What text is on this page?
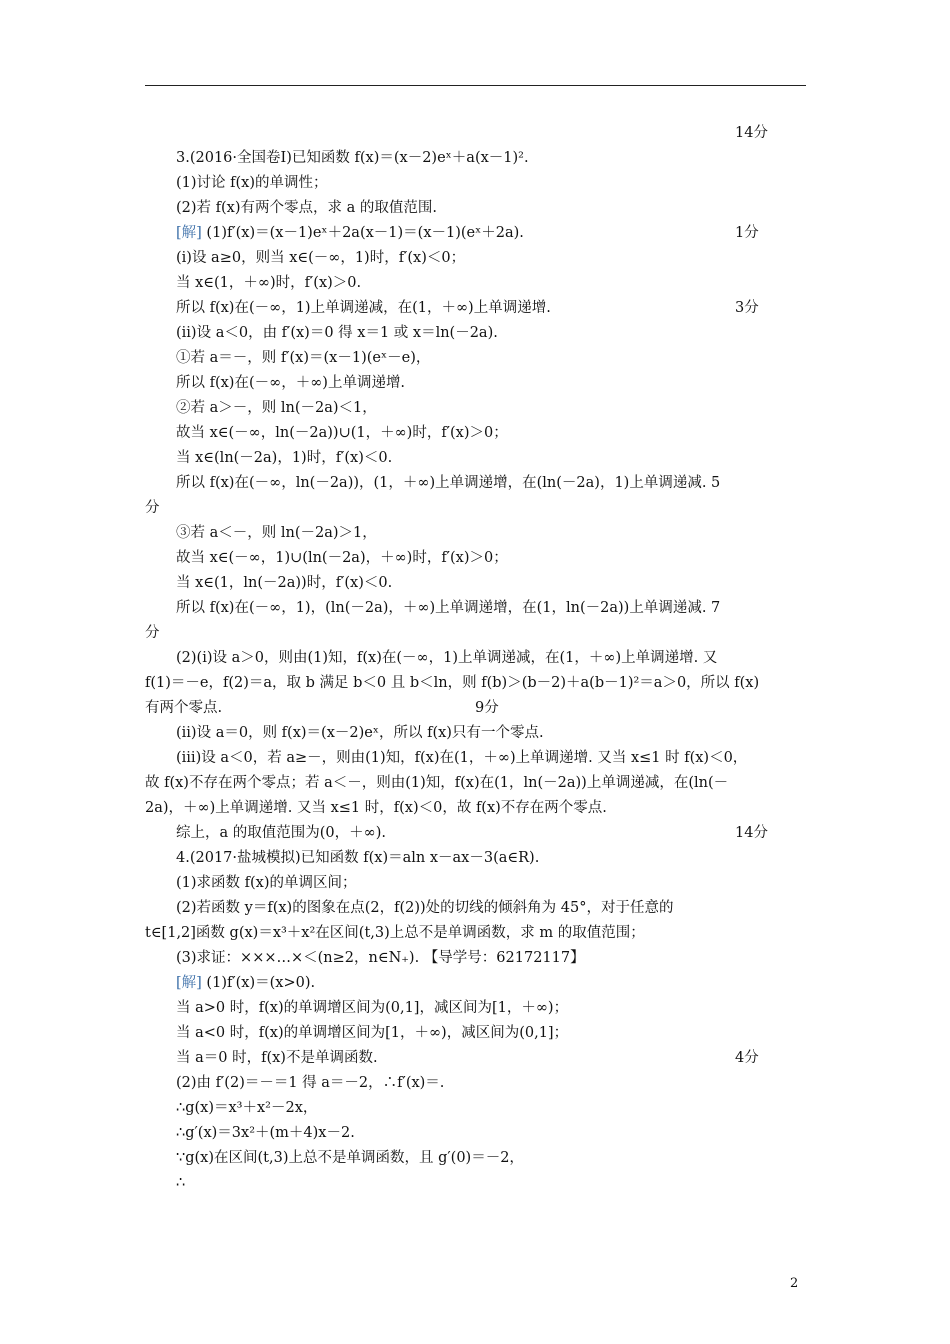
14分
3.(2016·全国卷Ⅰ)已知函数 f(x)＝(x－2)eˣ＋a(x－1)².
(1)讨论 f(x)的单调性；
(2)若 f(x)有两个零点，求 a 的取值范围.
[解] (1)f′(x)＝(x－1)eˣ＋2a(x－1)＝(x－1)(eˣ＋2a).	1分
(ⅰ)设 a≥0，则当 x∈(－∞，1)时，f′(x)＜0；
当 x∈(1，＋∞)时，f′(x)＞0.
所以 f(x)在(－∞，1)上单调递减，在(1，＋∞)上单调递增.	3分
(ⅱ)设 a＜0，由 f′(x)＝0 得 x＝1 或 x＝ln(－2a).
①若 a＝－，则 f′(x)＝(x－1)(eˣ－e)，
所以 f(x)在(－∞，＋∞)上单调递增.
②若 a＞－，则 ln(－2a)＜1，
故当 x∈(－∞，ln(－2a))∪(1，＋∞)时，f′(x)＞0；
当 x∈(ln(－2a)，1)时，f′(x)＜0.
所以 f(x)在(－∞，ln(－2a))，(1，＋∞)上单调递增，在(ln(－2a)，1)上单调递减. 5
分
③若 a＜－，则 ln(－2a)＞1，
故当 x∈(－∞，1)∪(ln(－2a)，＋∞)时，f′(x)＞0；
当 x∈(1，ln(－2a))时，f′(x)＜0.
所以 f(x)在(－∞，1)，(ln(－2a)，＋∞)上单调递增，在(1，ln(－2a))上单调递减. 7
分
(2)(ⅰ)设 a＞0，则由(1)知，f(x)在(－∞，1)上单调递减，在(1，＋∞)上单调递增. 又
f(1)＝－e，f(2)＝a，取 b 满足 b＜0 且 b＜ln，则 f(b)＞(b－2)＋a(b－1)²＝a＞0，所以 f(x)
有两个零点.	9分
(ⅱ)设 a＝0，则 f(x)＝(x－2)eˣ，所以 f(x)只有一个零点.
(ⅲ)设 a＜0，若 a≥－，则由(1)知，f(x)在(1，＋∞)上单调递增. 又当 x≤1 时 f(x)＜0，
故 f(x)不存在两个零点；若 a＜－，则由(1)知，f(x)在(1，ln(－2a))上单调递减，在(ln(－
2a)，＋∞)上单调递增. 又当 x≤1 时，f(x)＜0，故 f(x)不存在两个零点.
综上，a 的取值范围为(0，＋∞).	14分
4.(2017·盐城模拟)已知函数 f(x)＝aln x－ax－3(a∈R).
(1)求函数 f(x)的单调区间；
(2)若函数 y＝f(x)的图象在点(2，f(2))处的切线的倾斜角为 45°，对于任意的
t∈[1,2]函数 g(x)＝x³＋x²在区间(t,3)上总不是单调函数，求 m 的取值范围；
(3)求证：×××…×＜(n≥2，n∈N₊). 【导学号：62172117】
[解] (1)f′(x)＝(x>0).
当 a>0 时，f(x)的单调增区间为(0,1]，减区间为[1，＋∞)；
当 a<0 时，f(x)的单调增区间为[1，＋∞)，减区间为(0,1]；
当 a＝0 时，f(x)不是单调函数.	4分
(2)由 f′(2)＝－＝1 得 a＝－2，∴f′(x)＝.
∴g(x)＝x³＋x²－2x，
∴g′(x)＝3x²＋(m＋4)x－2.
∵g(x)在区间(t,3)上总不是单调函数，且 g′(0)＝－2，
∴
2
